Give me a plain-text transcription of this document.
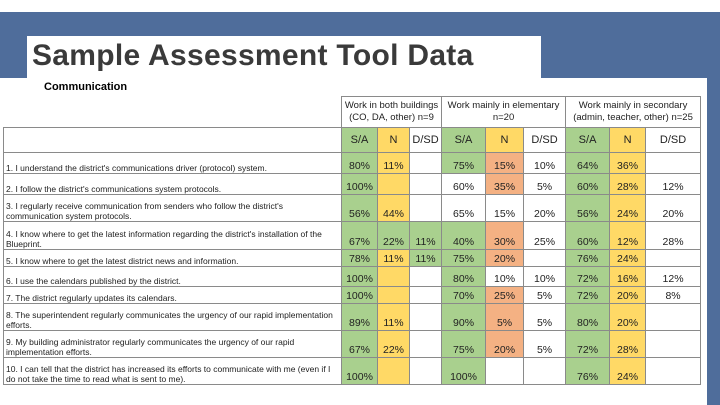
Sample Assessment Tool Data
Communication
	Work in both buildings (CO, DA, other) n=9			Work mainly in elementary n=20			Work mainly in secondary (admin, teacher, other) n=25		
	S/A	N	D/SD	S/A	N	D/SD	S/A	N	D/SD
1. I understand the district's communications driver (protocol) system.	80%	11%		75%	15%	10%	64%	36%	
2. I follow the district's communications system protocols.	100%			60%	35%	5%	60%	28%	12%
3. I regularly receive communication from senders who follow the district's communication system protocols.	56%	44%		65%	15%	20%	56%	24%	20%
4. I know where to get the latest information regarding the district's installation of the Blueprint.	67%	22%	11%	40%	30%	25%	60%	12%	28%
5. I know where to get the latest district news and information.	78%	11%	11%	75%	20%		76%	24%	
6. I use the calendars published by the district.	100%			80%	10%	10%	72%	16%	12%
7. The district regularly updates its calendars.	100%			70%	25%	5%	72%	20%	8%
8. The superintendent regularly communicates the urgency of our rapid implementation efforts.	89%	11%		90%	5%	5%	80%	20%	
9. My building administrator regularly communicates the urgency of our rapid implementation efforts.	67%	22%		75%	20%	5%	72%	28%	
10. I can tell that the district has increased its efforts to communicate with me (even if I do not take the time to read what is sent to me).	100%			100%			76%	24%	
